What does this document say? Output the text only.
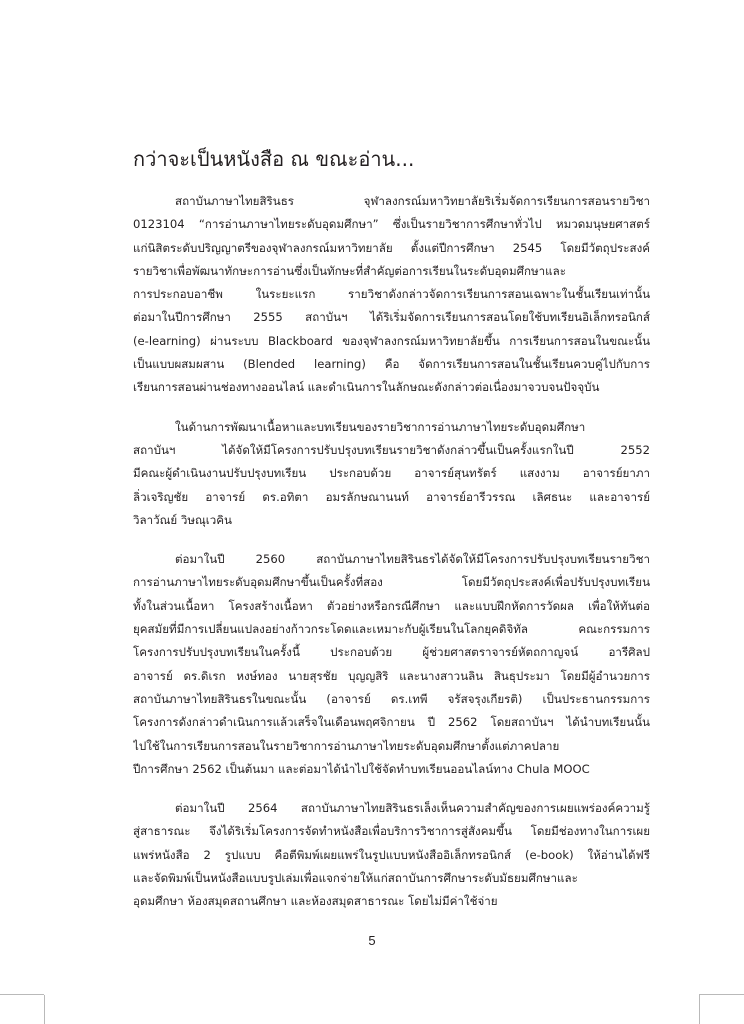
กว่าจะเป็นหนังสือ ณ ขณะอ่าน...
สถาบันภาษาไทยสิรินธร จุฬาลงกรณ์มหาวิทยาลัยริเริ่มจัดการเรียนการสอนรายวิชา
0123104 “การอ่านภาษาไทยระดับอุดมศึกษา” ซึ่งเป็นรายวิชาการศึกษาทั่วไป หมวดมนุษยศาสตร์
แก่นิสิตระดับปริญญาตรีของจุฬาลงกรณ์มหาวิทยาลัย ตั้งแต่ปีการศึกษา 2545 โดยมีวัตถุประสงค์
รายวิชาเพื่อพัฒนาทักษะการอ่านซึ่งเป็นทักษะที่สำคัญต่อการเรียนในระดับอุดมศึกษาและ
การประกอบอาชีพ ในระยะแรก รายวิชาดังกล่าวจัดการเรียนการสอนเฉพาะในชั้นเรียนเท่านั้น
ต่อมาในปีการศึกษา 2555 สถาบันฯ ได้ริเริ่มจัดการเรียนการสอนโดยใช้บทเรียนอิเล็กทรอนิกส์
(e-learning) ผ่านระบบ Blackboard ของจุฬาลงกรณ์มหาวิทยาลัยขึ้น การเรียนการสอนในขณะนั้น
เป็นแบบผสมผสาน (Blended learning) คือ จัดการเรียนการสอนในชั้นเรียนควบคู่ไปกับการ
เรียนการสอนผ่านช่องทางออนไลน์ และดำเนินการในลักษณะดังกล่าวต่อเนื่องมาจวบจนปัจจุบัน
ในด้านการพัฒนาเนื้อหาและบทเรียนของรายวิชาการอ่านภาษาไทยระดับอุดมศึกษา
สถาบันฯ ได้จัดให้มีโครงการปรับปรุงบทเรียนรายวิชาดังกล่าวขึ้นเป็นครั้งแรกในปี 2552
มีคณะผู้ดำเนินงานปรับปรุงบทเรียน ประกอบด้วย อาจารย์สุนทรัตร์ แสงงาม อาจารย์ยาภา
ลิ่วเจริญชัย อาจารย์ ดร.อทิตา อมรลักษณานนท์ อาจารย์อารีวรรณ เลิศธนะ และอาจารย์
วิลาวัณย์ วิษณุเวคิน
ต่อมาในปี 2560 สถาบันภาษาไทยสิรินธรได้จัดให้มีโครงการปรับปรุงบทเรียนรายวิชา
การอ่านภาษาไทยระดับอุดมศึกษาขึ้นเป็นครั้งที่สอง โดยมีวัตถุประสงค์เพื่อปรับปรุงบทเรียน
ทั้งในส่วนเนื้อหา โครงสร้างเนื้อหา ตัวอย่างหรือกรณีศึกษา และแบบฝึกหัดการวัดผล เพื่อให้ทันต่อ
ยุคสมัยที่มีการเปลี่ยนแปลงอย่างก้าวกระโดดและเหมาะกับผู้เรียนในโลกยุคดิจิทัล คณะกรรมการ
โครงการปรับปรุงบทเรียนในครั้งนี้ ประกอบด้วย ผู้ช่วยศาสตราจารย์หัตถกาญจน์ อารีศิลป
อาจารย์ ดร.ดิเรก หงษ์ทอง นายสุรชัย บุญญสิริ และนางสาวนลิน สินธุประมา โดยมีผู้อำนวยการ
สถาบันภาษาไทยสิรินธรในขณะนั้น (อาจารย์ ดร.เทพี จรัสจรุงเกียรติ) เป็นประธานกรรมการ
โครงการดังกล่าวดำเนินการแล้วเสร็จในเดือนพฤศจิกายน ปี 2562 โดยสถาบันฯ ได้นำบทเรียนนั้น
ไปใช้ในการเรียนการสอนในรายวิชาการอ่านภาษาไทยระดับอุดมศึกษาตั้งแต่ภาคปลาย
ปีการศึกษา 2562 เป็นต้นมา และต่อมาได้นำไปใช้จัดทำบทเรียนออนไลน์ทาง Chula MOOC
ต่อมาในปี 2564 สถาบันภาษาไทยสิรินธรเล็งเห็นความสำคัญของการเผยแพร่องค์ความรู้
สู่สาธารณะ จึงได้ริเริ่มโครงการจัดทำหนังสือเพื่อบริการวิชาการสู่สังคมขึ้น โดยมีช่องทางในการเผย
แพร่หนังสือ 2 รูปแบบ คือตีพิมพ์เผยแพร่ในรูปแบบหนังสืออิเล็กทรอนิกส์ (e-book) ให้อ่านได้ฟรี
และจัดพิมพ์เป็นหนังสือแบบรูปเล่มเพื่อแจกจ่ายให้แก่สถาบันการศึกษาระดับมัธยมศึกษาและ
อุดมศึกษา ห้องสมุดสถานศึกษา และห้องสมุดสาธารณะ โดยไม่มีค่าใช้จ่าย
5
